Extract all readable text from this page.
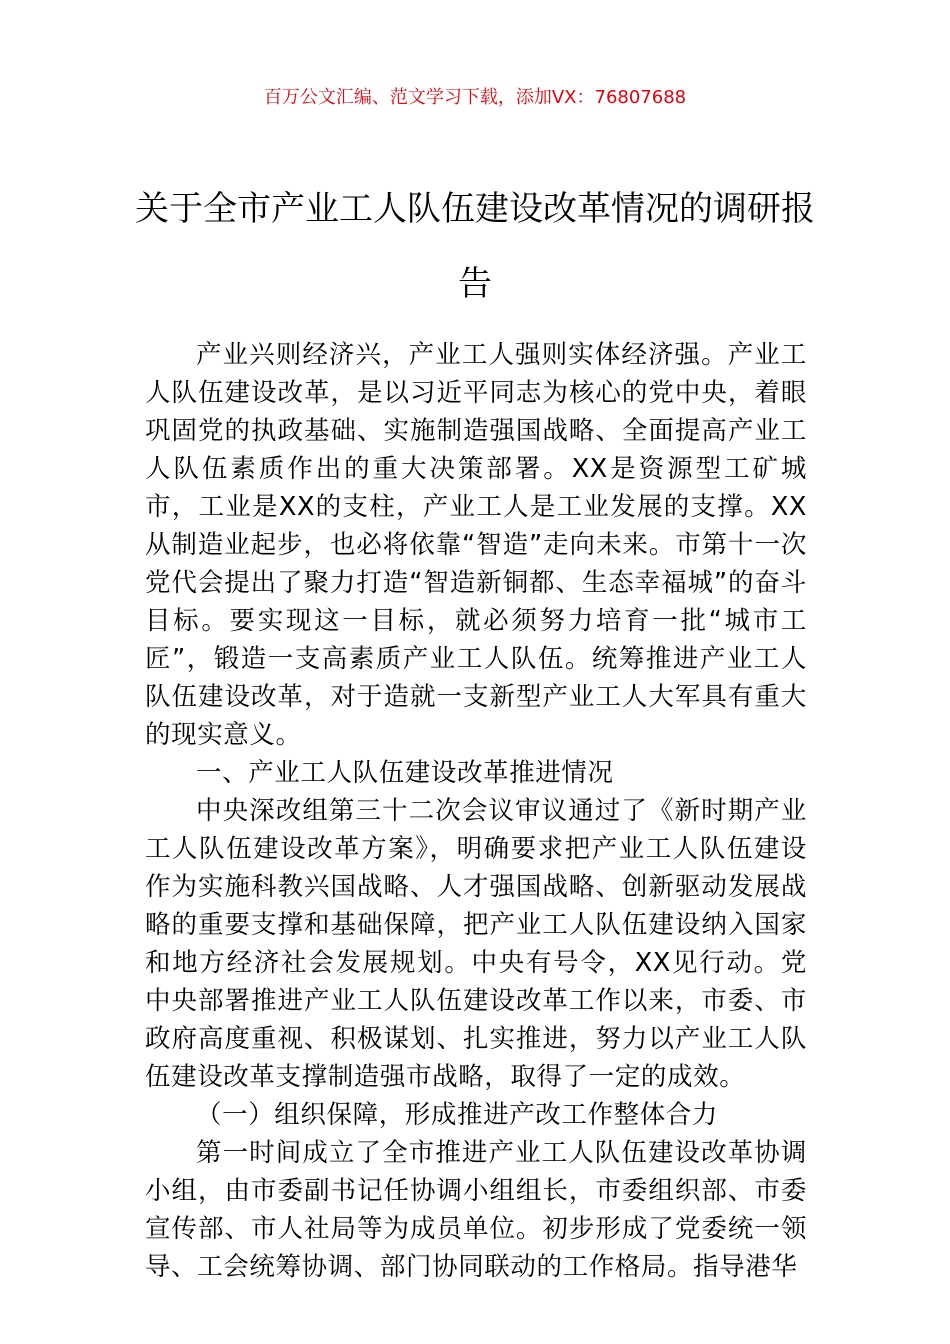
百万公文汇编、范文学习下载，添加VX：76807688
关于全市产业工人队伍建设改革情况的调研报告

产业兴则经济兴，产业工人强则实体经济强。产业工人队伍建设改革，是以习近平同志为核心的党中央，着眼巩固党的执政基础、实施制造强国战略、全面提高产业工人队伍素质作出的重大决策部署。XX是资源型工矿城市，工业是XX的支柱，产业工人是工业发展的支撑。XX从制造业起步，也必将依靠“智造”走向未来。市第十一次党代会提出了聚力打造“智造新铜都、生态幸福城”的奋斗目标。要实现这一目标，就必须努力培育一批“城市工匠”，锻造一支高素质产业工人队伍。统筹推进产业工人队伍建设改革，对于造就一支新型产业工人大军具有重大的现实意义。

一、产业工人队伍建设改革推进情况

中央深改组第三十二次会议审议通过了《新时期产业工人队伍建设改革方案》，明确要求把产业工人队伍建设作为实施科教兴国战略、人才强国战略、创新驱动发展战略的重要支撑和基础保障，把产业工人队伍建设纳入国家和地方经济社会发展规划。中央有号令，XX见行动。党中央部署推进产业工人队伍建设改革工作以来，市委、市政府高度重视、积极谋划、扎实推进，努力以产业工人队伍建设改革支撑制造强市战略，取得了一定的成效。

（一）组织保障，形成推进产改工作整体合力

第一时间成立了全市推进产业工人队伍建设改革协调小组，由市委副书记任协调小组组长，市委组织部、市委宣传部、市人社局等为成员单位。初步形成了党委统一领导、工会统筹协调、部门协同联动的工作格局。指导港华
